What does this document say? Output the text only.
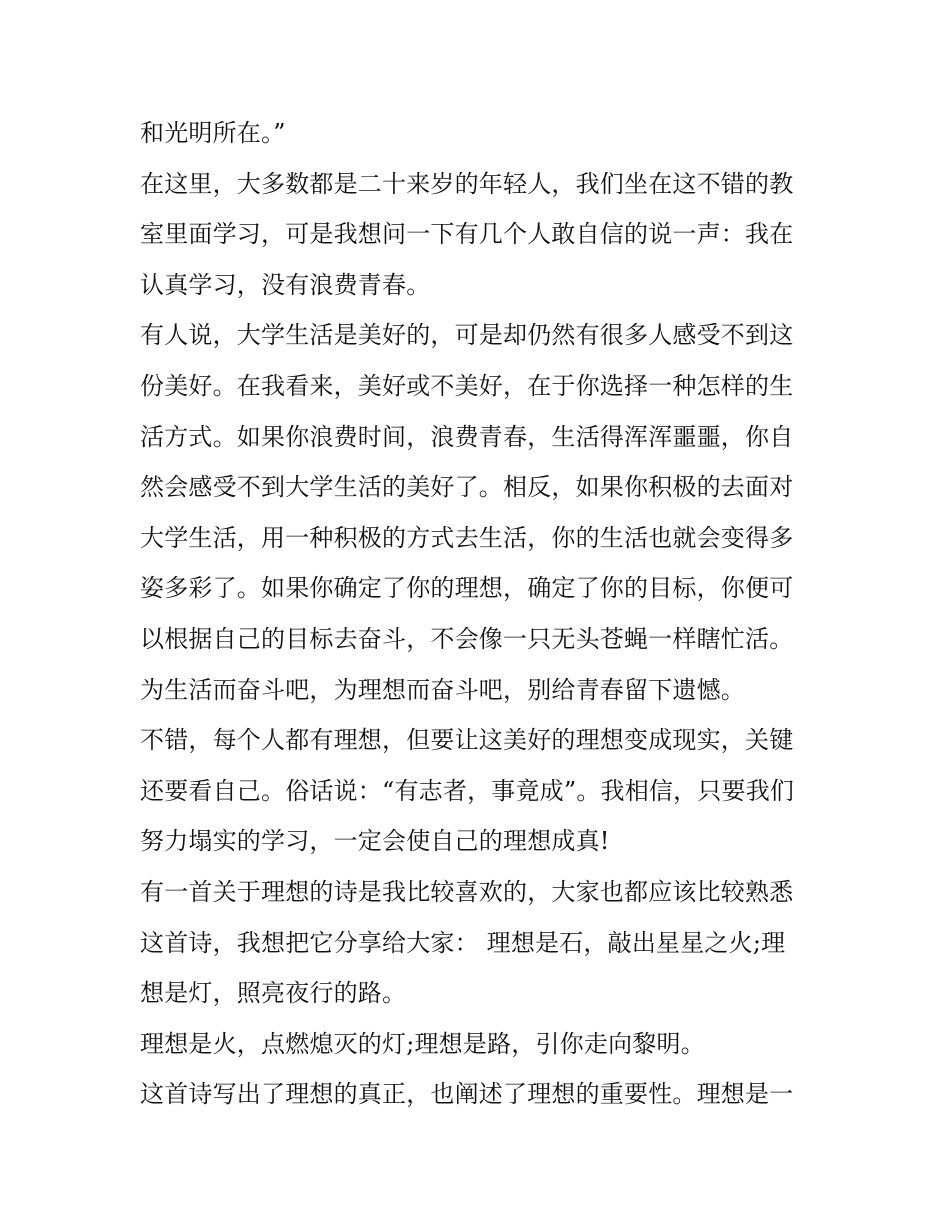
和光明所在。”
在这里，大多数都是二十来岁的年轻人，我们坐在这不错的教
室里面学习，可是我想问一下有几个人敢自信的说一声：我在
认真学习，没有浪费青春。
有人说，大学生活是美好的，可是却仍然有很多人感受不到这
份美好。在我看来，美好或不美好，在于你选择一种怎样的生
活方式。如果你浪费时间，浪费青春，生活得浑浑噩噩，你自
然会感受不到大学生活的美好了。相反，如果你积极的去面对
大学生活，用一种积极的方式去生活，你的生活也就会变得多
姿多彩了。如果你确定了你的理想，确定了你的目标，你便可
以根据自己的目标去奋斗，不会像一只无头苍蝇一样瞎忙活。
为生活而奋斗吧，为理想而奋斗吧，别给青春留下遗憾。
不错，每个人都有理想，但要让这美好的理想变成现实，关键
还要看自己。俗话说：“有志者，事竟成”。我相信，只要我们
努力塌实的学习，一定会使自己的理想成真!
有一首关于理想的诗是我比较喜欢的，大家也都应该比较熟悉
这首诗，我想把它分享给大家： 理想是石，敲出星星之火;理
想是灯，照亮夜行的路。
理想是火，点燃熄灭的灯;理想是路，引你走向黎明。
这首诗写出了理想的真正，也阐述了理想的重要性。理想是一
